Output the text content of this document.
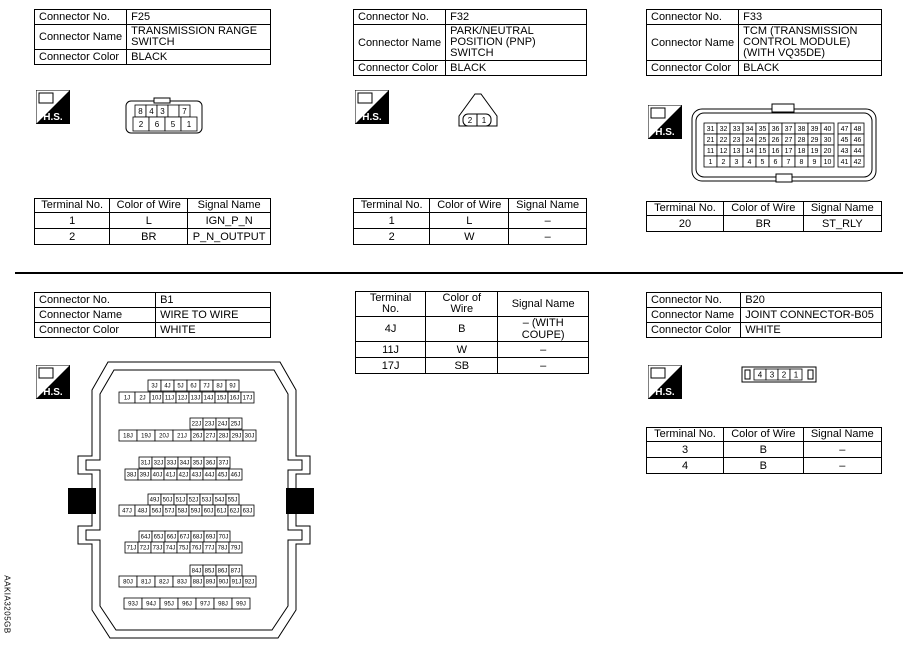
Connector No.	F25
Connector Name	TRANSMISSION RANGE SWITCH
Connector Color	BLACK
H.S.
8 4 3 7
2 6 5 1
Terminal No.	Color of Wire	Signal Name
1	L	IGN_P_N
2	BR	P_N_OUTPUT
Connector No.	F32
Connector Name	PARK/NEUTRAL POSITION (PNP) SWITCH
Connector Color	BLACK
H.S.	2 1
Terminal No.	Color of Wire	Signal Name
1	L	–
2	W	–
Connector No.	F33
Connector Name	TCM (TRANSMISSION CONTROL MODULE) (WITH VQ35DE)
Connector Color	BLACK
H.S.	31 32 33 34 35 36 37 38 39 40 47 48
21 22 23 24 25 26 27 28 29 30 45 46
11 12 13 14 15 16 17 18 19 20 43 44
1 2 3 4 5 6 7 8 9 10 41 42
Terminal No.	Color of Wire	Signal Name
20	BR	ST_RLY
Connector No.	B1
Connector Name	WIRE TO WIRE
Connector Color	WHITE
H.S.
3J 4J 5J 6J 7J 8J 9J
1J 2J 10J 11J 12J 13J 14J 15J 16J 17J
22J 23J 24J 25J
18J 19J 20J 21J 26J 27J 28J 29J 30J
31J 32J 33J 34J 35J 36J 37J
38J 39J 40J 41J 42J 43J 44J 45J 46J
49J 50J 51J 52J 53J 54J 55J
47J 48J 56J 57J 58J 59J 60J 61J 62J 63J
64J 65J 66J 67J 68J 69J 70J
71J 72J 73J 74J 75J 76J 77J 78J 79J
84J 85J 86J 87J
80J 81J 82J 83J 88J 89J 90J 91J 92J
93J 94J 95J 96J 97J 98J 99J
Terminal No.	Color of Wire	Signal Name
4J	B	– (WITH COUPE)
11J	W	–
17J	SB	–
Connector No.	B20
Connector Name	JOINT CONNECTOR-B05
Connector Color	WHITE
H.S.
4 3 2 1
Terminal No.	Color of Wire	Signal Name
3	B	–
4	B	–
AAKIA3205GB
